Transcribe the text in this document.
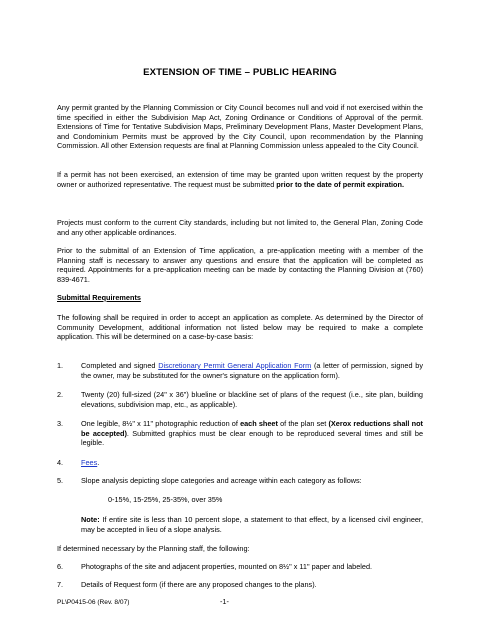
EXTENSION OF TIME – PUBLIC HEARING
Any permit granted by the Planning Commission or City Council becomes null and void if not exercised within the time specified in either the Subdivision Map Act, Zoning Ordinance or Conditions of Approval of the permit. Extensions of Time for Tentative Subdivision Maps, Preliminary Development Plans, Master Development Plans, and Condominium Permits must be approved by the City Council, upon recommendation by the Planning Commission. All other Extension requests are final at Planning Commission unless appealed to the City Council.
If a permit has not been exercised, an extension of time may be granted upon written request by the property owner or authorized representative. The request must be submitted prior to the date of permit expiration.
Projects must conform to the current City standards, including but not limited to, the General Plan, Zoning Code and any other applicable ordinances.
Prior to the submittal of an Extension of Time application, a pre-application meeting with a member of the Planning staff is necessary to answer any questions and ensure that the application will be completed as required. Appointments for a pre-application meeting can be made by contacting the Planning Division at (760) 839-4671.
Submittal Requirements
The following shall be required in order to accept an application as complete. As determined by the Director of Community Development, additional information not listed below may be required to make a complete application. This will be determined on a case-by-case basis:
1. Completed and signed Discretionary Permit General Application Form (a letter of permission, signed by the owner, may be substituted for the owner's signature on the application form).
2. Twenty (20) full-sized (24" x 36") blueline or blackline set of plans of the request (i.e., site plan, building elevations, subdivision map, etc., as applicable).
3. One legible, 8½" x 11" photographic reduction of each sheet of the plan set (Xerox reductions shall not be accepted). Submitted graphics must be clear enough to be reproduced several times and still be legible.
4. Fees.
5. Slope analysis depicting slope categories and acreage within each category as follows:
0-15%, 15-25%, 25-35%, over 35%
Note: If entire site is less than 10 percent slope, a statement to that effect, by a licensed civil engineer, may be accepted in lieu of a slope analysis.
If determined necessary by the Planning staff, the following:
6. Photographs of the site and adjacent properties, mounted on 8½" x 11" paper and labeled.
7. Details of Request form (if there are any proposed changes to the plans).
PL\P0415-06 (Rev. 8/07)	-1-
